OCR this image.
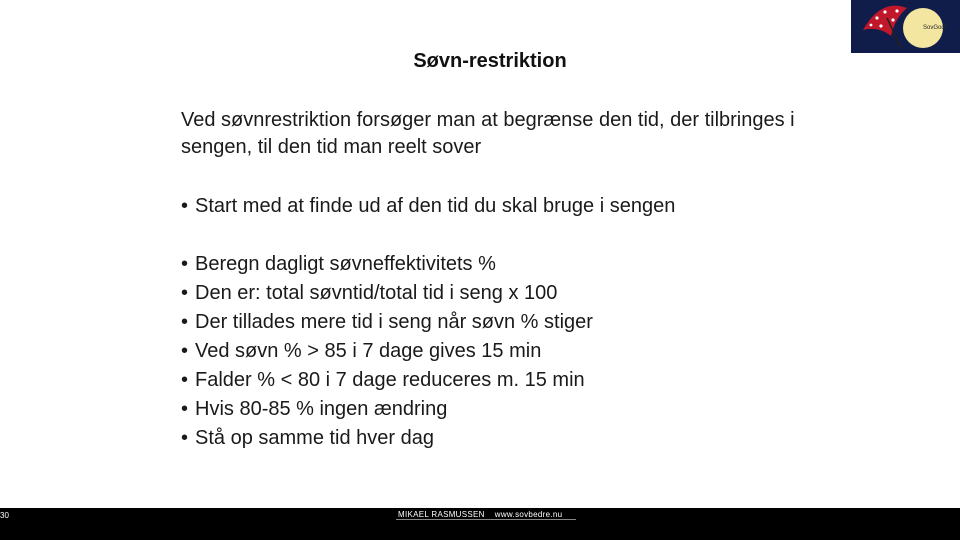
SovGodt
Søvn-restriktion
Ved søvnrestriktion forsøger man at begrænse den tid, der tilbringes i sengen, til den tid man reelt sover
• Start med at finde ud af den tid du skal bruge i sengen
• Beregn dagligt søvneffektivitets %
• Den er: total søvntid/total tid i seng x 100
• Der tillades mere tid i seng når søvn % stiger
• Ved søvn % > 85 i 7 dage gives 15 min
• Falder % < 80 i 7 dage reduceres m. 15 min
• Hvis 80-85 % ingen ændring
• Stå op samme tid hver dag
30	MIKAEL RASMUSSEN www.sovbedre.nu
